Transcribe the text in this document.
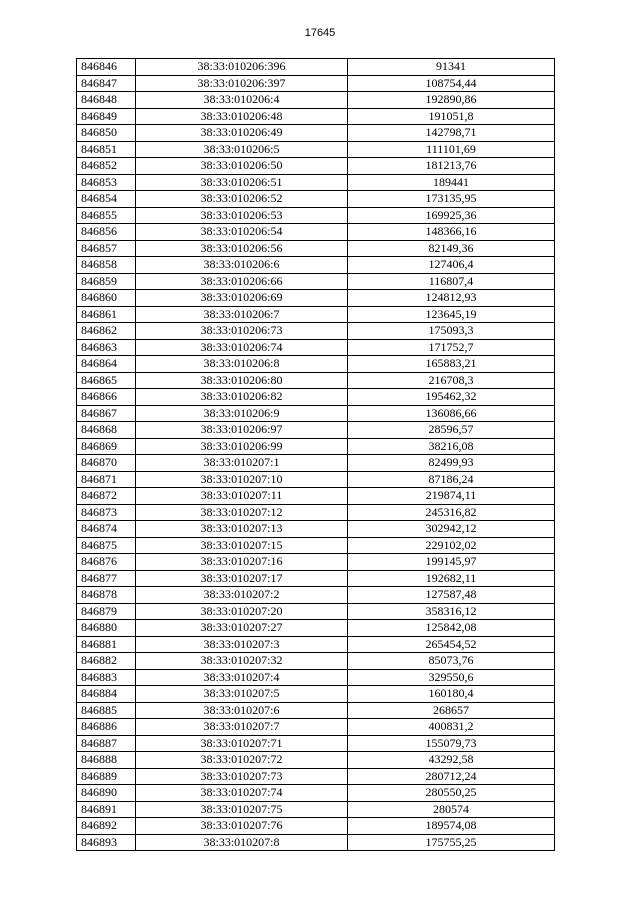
17645
846846	38:33:010206:396	91341
846847	38:33:010206:397	108754,44
846848	38:33:010206:4	192890,86
846849	38:33:010206:48	191051,8
846850	38:33:010206:49	142798,71
846851	38:33:010206:5	111101,69
846852	38:33:010206:50	181213,76
846853	38:33:010206:51	189441
846854	38:33:010206:52	173135,95
846855	38:33:010206:53	169925,36
846856	38:33:010206:54	148366,16
846857	38:33:010206:56	82149,36
846858	38:33:010206:6	127406,4
846859	38:33:010206:66	116807,4
846860	38:33:010206:69	124812,93
846861	38:33:010206:7	123645,19
846862	38:33:010206:73	175093,3
846863	38:33:010206:74	171752,7
846864	38:33:010206:8	165883,21
846865	38:33:010206:80	216708,3
846866	38:33:010206:82	195462,32
846867	38:33:010206:9	136086,66
846868	38:33:010206:97	28596,57
846869	38:33:010206:99	38216,08
846870	38:33:010207:1	82499,93
846871	38:33:010207:10	87186,24
846872	38:33:010207:11	219874,11
846873	38:33:010207:12	245316,82
846874	38:33:010207:13	302942,12
846875	38:33:010207:15	229102,02
846876	38:33:010207:16	199145,97
846877	38:33:010207:17	192682,11
846878	38:33:010207:2	127587,48
846879	38:33:010207:20	358316,12
846880	38:33:010207:27	125842,08
846881	38:33:010207:3	265454,52
846882	38:33:010207:32	85073,76
846883	38:33:010207:4	329550,6
846884	38:33:010207:5	160180,4
846885	38:33:010207:6	268657
846886	38:33:010207:7	400831,2
846887	38:33:010207:71	155079,73
846888	38:33:010207:72	43292,58
846889	38:33:010207:73	280712,24
846890	38:33:010207:74	280550,25
846891	38:33:010207:75	280574
846892	38:33:010207:76	189574,08
846893	38:33:010207:8	175755,25
